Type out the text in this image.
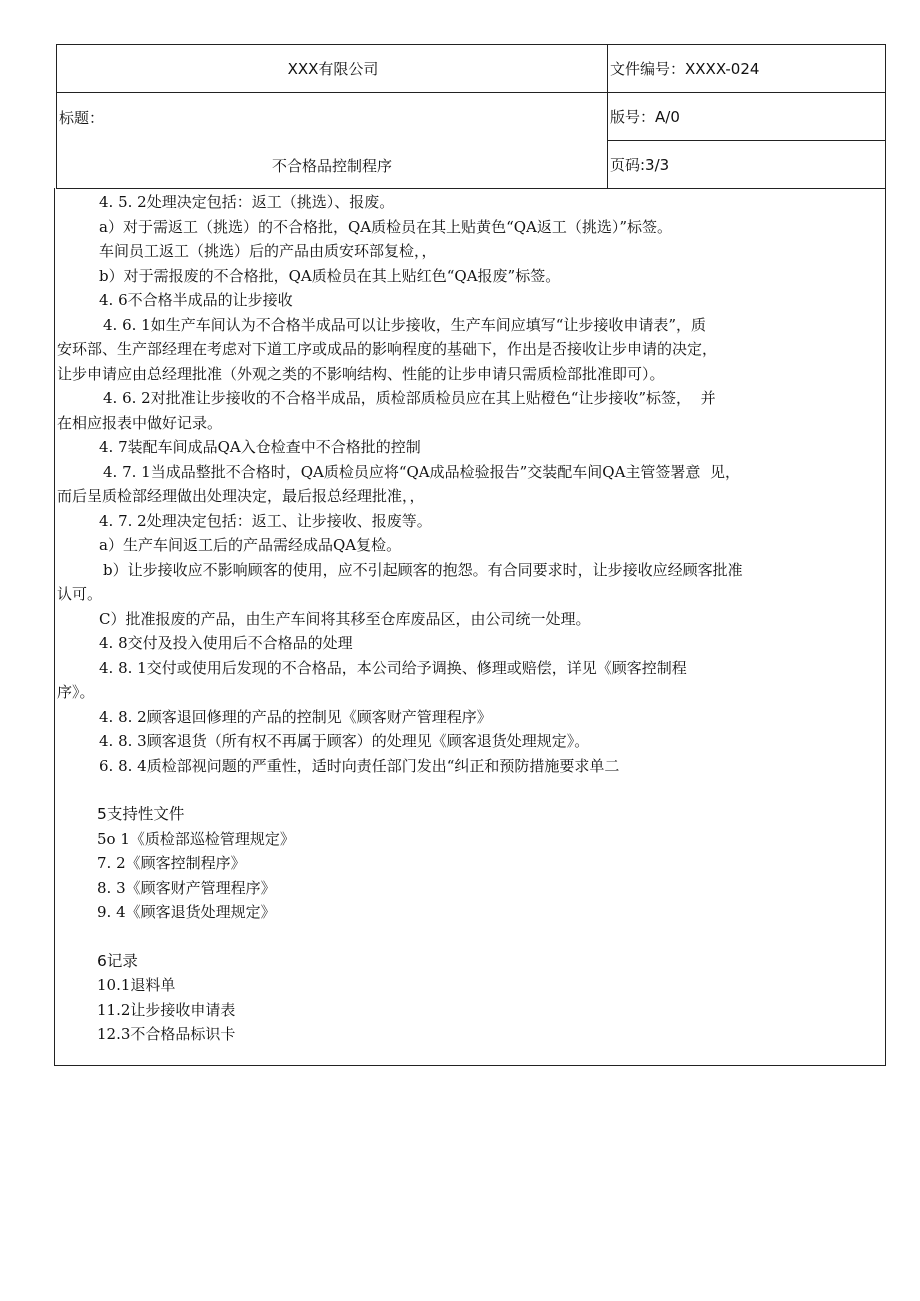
XXX有限公司	文件编号：XXXX-024

标题：
不合格品控制程序	版号：A/0
	页码:3/3

4. 5. 2处理决定包括：返工（挑选）、报废。

a）对于需返工（挑选）的不合格批，QA质检员在其上贴黄色“QA返工（挑选）”标签。

车间员工返工（挑选）后的产品由质安环部复检，，

b）对于需报废的不合格批，QA质检员在其上贴红色“QA报废”标签。

4. 6不合格半成品的让步接收

4. 6. 1如生产车间认为不合格半成品可以让步接收，生产车间应填写“让步接收申请表”，质

安环部、生产部经理在考虑对下道工序或成品的影响程度的基础下，作出是否接收让步申请的决定，

让步申请应由总经理批准（外观之类的不影响结构、性能的让步申请只需质检部批准即可）。

4. 6. 2对批准让步接收的不合格半成品，质检部质检员应在其上贴橙色“让步接收”标签，  并

在相应报表中做好记录。

4. 7装配车间成品QA入仓检查中不合格批的控制

4. 7. 1当成品整批不合格时，QA质检员应将“QA成品检验报告”交装配车间QA主管签署意  见，

而后呈质检部经理做出处理决定，最后报总经理批准，，

4. 7. 2处理决定包括：返工、让步接收、报废等。

a）生产车间返工后的产品需经成品QA复检。

b）让步接收应不影响顾客的使用，应不引起顾客的抱怨。有合同要求时，让步接收应经顾客批准

认可。

C）批准报废的产品，由生产车间将其移至仓库废品区，由公司统一处理。

4. 8交付及投入使用后不合格品的处理

4. 8. 1交付或使用后发现的不合格品，本公司给予调换、修理或赔偿，详见《顾客控制程

序》。

4. 8. 2顾客退回修理的产品的控制见《顾客财产管理程序》

4. 8. 3顾客退货（所有权不再属于顾客）的处理见《顾客退货处理规定》。

6. 8. 4质检部视问题的严重性，适时向责任部门发出“纠正和预防措施要求单二

5支持性文件

5o 1《质检部巡检管理规定》

7. 2《顾客控制程序》

8. 3《顾客财产管理程序》

9. 4《顾客退货处理规定》

6记录

10.1退料单

11.2让步接收申请表

12.3不合格品标识卡
